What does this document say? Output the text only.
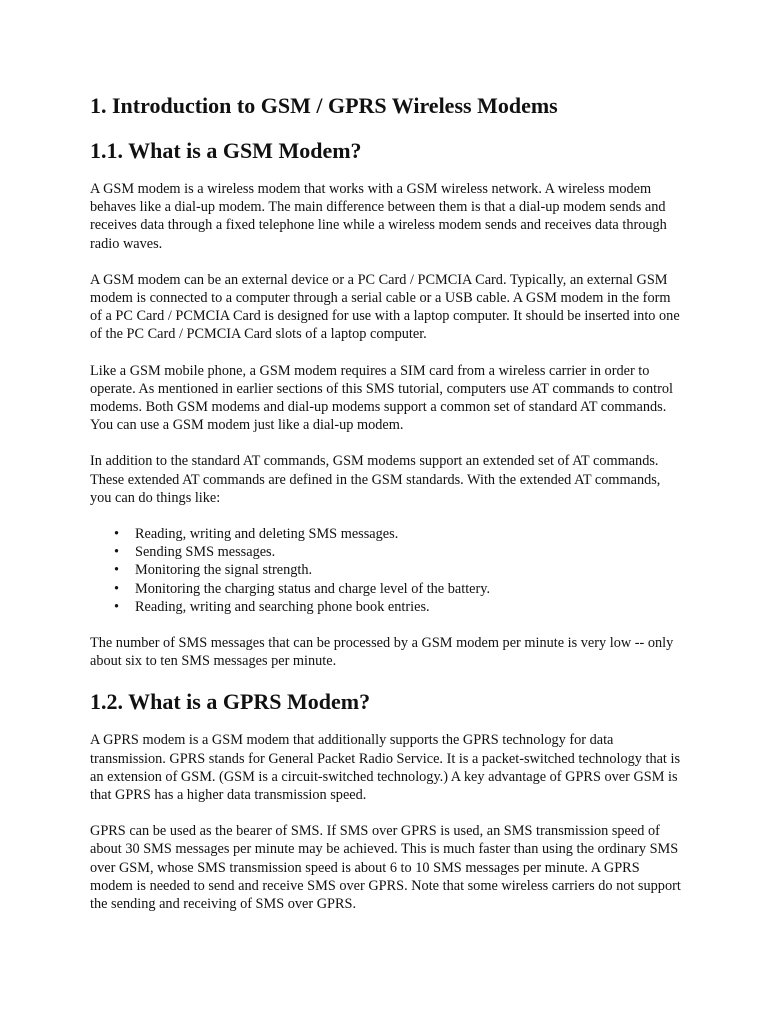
1. Introduction to GSM / GPRS Wireless Modems
1.1. What is a GSM Modem?

A GSM modem is a wireless modem that works with a GSM wireless network. A wireless modem behaves like a dial-up modem. The main difference between them is that a dial-up modem sends and receives data through a fixed telephone line while a wireless modem sends and receives data through radio waves.

A GSM modem can be an external device or a PC Card / PCMCIA Card. Typically, an external GSM modem is connected to a computer through a serial cable or a USB cable. A GSM modem in the form of a PC Card / PCMCIA Card is designed for use with a laptop computer. It should be inserted into one of the PC Card / PCMCIA Card slots of a laptop computer.

Like a GSM mobile phone, a GSM modem requires a SIM card from a wireless carrier in order to operate. As mentioned in earlier sections of this SMS tutorial, computers use AT commands to control modems. Both GSM modems and dial-up modems support a common set of standard AT commands. You can use a GSM modem just like a dial-up modem.

In addition to the standard AT commands, GSM modems support an extended set of AT commands. These extended AT commands are defined in the GSM standards. With the extended AT commands, you can do things like:

• Reading, writing and deleting SMS messages.
• Sending SMS messages.
• Monitoring the signal strength.
• Monitoring the charging status and charge level of the battery.
• Reading, writing and searching phone book entries.

The number of SMS messages that can be processed by a GSM modem per minute is very low -- only about six to ten SMS messages per minute.

1.2. What is a GPRS Modem?

A GPRS modem is a GSM modem that additionally supports the GPRS technology for data transmission. GPRS stands for General Packet Radio Service. It is a packet-switched technology that is an extension of GSM. (GSM is a circuit-switched technology.) A key advantage of GPRS over GSM is that GPRS has a higher data transmission speed.

GPRS can be used as the bearer of SMS. If SMS over GPRS is used, an SMS transmission speed of about 30 SMS messages per minute may be achieved. This is much faster than using the ordinary SMS over GSM, whose SMS transmission speed is about 6 to 10 SMS messages per minute. A GPRS modem is needed to send and receive SMS over GPRS. Note that some wireless carriers do not support the sending and receiving of SMS over GPRS.
